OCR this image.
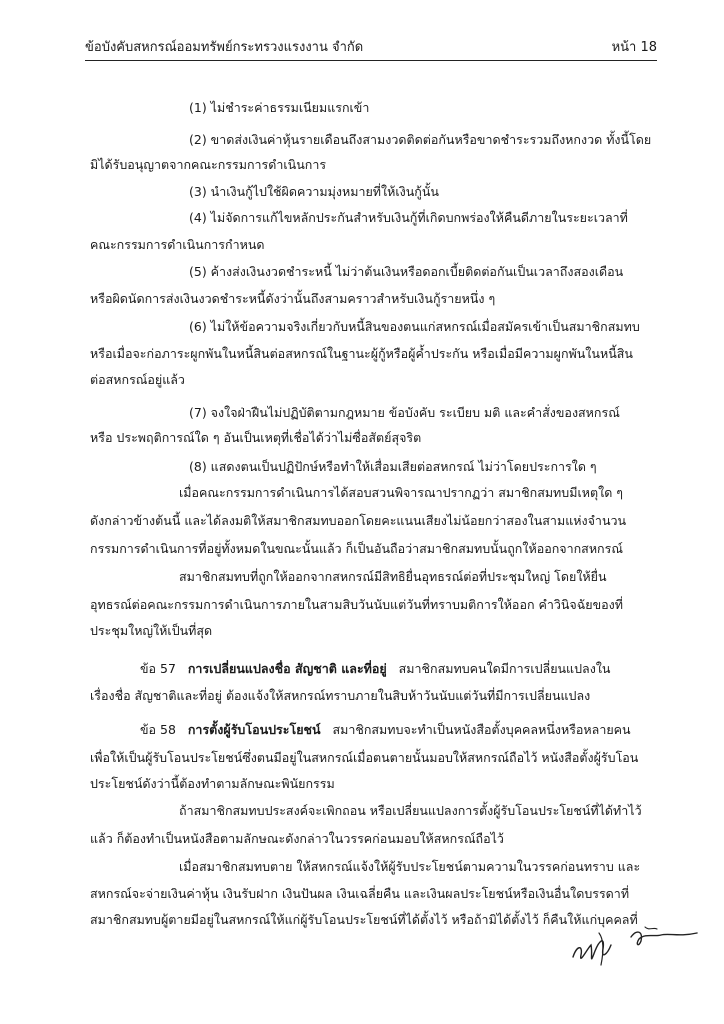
ข้อบังคับสหกรณ์ออมทรัพย์กระทรวงแรงงาน จำกัด	หน้า 18
(1) ไม่ชำระค่าธรรมเนียมแรกเข้า
(2) ขาดส่งเงินค่าหุ้นรายเดือนถึงสามงวดติดต่อกันหรือขาดชำระรวมถึงหกงวด ทั้งนี้โดย
มิได้รับอนุญาตจากคณะกรรมการดำเนินการ
(3) นำเงินกู้ไปใช้ผิดความมุ่งหมายที่ให้เงินกู้นั้น
(4) ไม่จัดการแก้ไขหลักประกันสำหรับเงินกู้ที่เกิดบกพร่องให้คืนดีภายในระยะเวลาที่
คณะกรรมการดำเนินการกำหนด
(5) ค้างส่งเงินงวดชำระหนี้ ไม่ว่าต้นเงินหรือดอกเบี้ยติดต่อกันเป็นเวลาถึงสองเดือน
หรือผิดนัดการส่งเงินงวดชำระหนี้ดังว่านั้นถึงสามคราวสำหรับเงินกู้รายหนึ่ง ๆ
(6) ไม่ให้ข้อความจริงเกี่ยวกับหนี้สินของตนแก่สหกรณ์เมื่อสมัครเข้าเป็นสมาชิกสมทบ
หรือเมื่อจะก่อภาระผูกพันในหนี้สินต่อสหกรณ์ในฐานะผู้กู้หรือผู้ค้ำประกัน หรือเมื่อมีความผูกพันในหนี้สิน
ต่อสหกรณ์อยู่แล้ว
(7) จงใจฝ่าฝืนไม่ปฏิบัติตามกฎหมาย ข้อบังคับ ระเบียบ มติ และคำสั่งของสหกรณ์
หรือ ประพฤติการณ์ใด ๆ อันเป็นเหตุที่เชื่อได้ว่าไม่ซื่อสัตย์สุจริต
(8) แสดงตนเป็นปฏิปักษ์หรือทำให้เสื่อมเสียต่อสหกรณ์ ไม่ว่าโดยประการใด ๆ
เมื่อคณะกรรมการดำเนินการได้สอบสวนพิจารณาปรากฏว่า สมาชิกสมทบมีเหตุใด ๆ
ดังกล่าวข้างต้นนี้ และได้ลงมติให้สมาชิกสมทบออกโดยคะแนนเสียงไม่น้อยกว่าสองในสามแห่งจำนวน
กรรมการดำเนินการที่อยู่ทั้งหมดในขณะนั้นแล้ว ก็เป็นอันถือว่าสมาชิกสมทบนั้นถูกให้ออกจากสหกรณ์
สมาชิกสมทบที่ถูกให้ออกจากสหกรณ์มีสิทธิยื่นอุทธรณ์ต่อที่ประชุมใหญ่ โดยให้ยื่น
อุทธรณ์ต่อคณะกรรมการดำเนินการภายในสามสิบวันนับแต่วันที่ทราบมติการให้ออก คำวินิจฉัยของที่
ประชุมใหญ่ให้เป็นที่สุด
ข้อ 57 การเปลี่ยนแปลงชื่อ สัญชาติ และที่อยู่ สมาชิกสมทบคนใดมีการเปลี่ยนแปลงใน
เรื่องชื่อ สัญชาติและที่อยู่ ต้องแจ้งให้สหกรณ์ทราบภายในสิบห้าวันนับแต่วันที่มีการเปลี่ยนแปลง
ข้อ 58 การตั้งผู้รับโอนประโยชน์ สมาชิกสมทบจะทำเป็นหนังสือตั้งบุคคลหนึ่งหรือหลายคน
เพื่อให้เป็นผู้รับโอนประโยชน์ซึ่งตนมีอยู่ในสหกรณ์เมื่อตนตายนั้นมอบให้สหกรณ์ถือไว้ หนังสือตั้งผู้รับโอน
ประโยชน์ดังว่านี้ต้องทำตามลักษณะพินัยกรรม
ถ้าสมาชิกสมทบประสงค์จะเพิกถอน หรือเปลี่ยนแปลงการตั้งผู้รับโอนประโยชน์ที่ได้ทำไว้
แล้ว ก็ต้องทำเป็นหนังสือตามลักษณะดังกล่าวในวรรคก่อนมอบให้สหกรณ์ถือไว้
เมื่อสมาชิกสมทบตาย ให้สหกรณ์แจ้งให้ผู้รับประโยชน์ตามความในวรรคก่อนทราบ และ
สหกรณ์จะจ่ายเงินค่าหุ้น เงินรับฝาก เงินปันผล เงินเฉลี่ยคืน และเงินผลประโยชน์หรือเงินอื่นใดบรรดาที่
สมาชิกสมทบผู้ตายมีอยู่ในสหกรณ์ให้แก่ผู้รับโอนประโยชน์ที่ได้ตั้งไว้ หรือถ้ามิได้ตั้งไว้ ก็คืนให้แก่บุคคลที่
